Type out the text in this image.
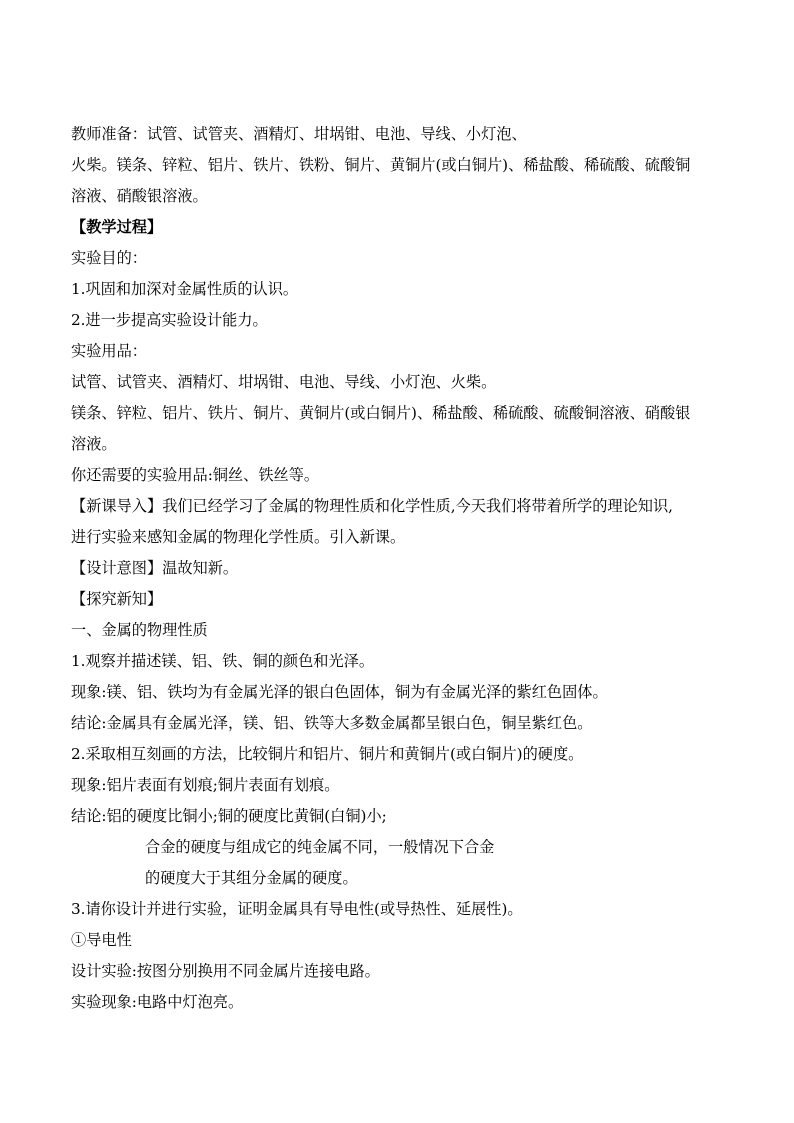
教师准备：试管、试管夹、酒精灯、坩埚钳、电池、导线、小灯泡、
火柴。镁条、锌粒、铝片、铁片、铁粉、铜片、黄铜片(或白铜片)、稀盐酸、稀硫酸、硫酸铜
溶液、硝酸银溶液。
【教学过程】
实验目的：
1.巩固和加深对金属性质的认识。
2.进一步提高实验设计能力。
实验用品：
试管、试管夹、酒精灯、坩埚钳、电池、导线、小灯泡、火柴。
镁条、锌粒、铝片、铁片、铜片、黄铜片(或白铜片)、稀盐酸、稀硫酸、硫酸铜溶液、硝酸银
溶液。
你还需要的实验用品:铜丝、铁丝等。
【新课导入】我们已经学习了金属的物理性质和化学性质,今天我们将带着所学的理论知识,
进行实验来感知金属的物理化学性质。引入新课。
【设计意图】温故知新。
【探究新知】
一、金属的物理性质
1.观察并描述镁、铝、铁、铜的颜色和光泽。
现象:镁、铝、铁均为有金属光泽的银白色固体，铜为有金属光泽的紫红色固体。
结论:金属具有金属光泽，镁、铝、铁等大多数金属都呈银白色，铜呈紫红色。
2.采取相互刻画的方法，比较铜片和铝片、铜片和黄铜片(或白铜片)的硬度。
现象:铝片表面有划痕;铜片表面有划痕。
结论:铝的硬度比铜小;铜的硬度比黄铜(白铜)小;
合金的硬度与组成它的纯金属不同，一般情况下合金
的硬度大于其组分金属的硬度。
3.请你设计并进行实验，证明金属具有导电性(或导热性、延展性)。
①导电性
设计实验:按图分别换用不同金属片连接电路。
实验现象:电路中灯泡亮。
